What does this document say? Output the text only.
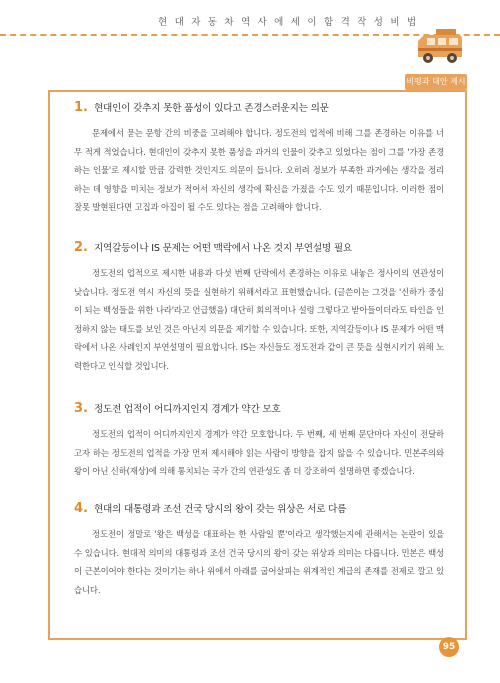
현 대 자 동 차 역 사 에 세 이 함 격 작 성 비 법
비평과 대안 제시
1. 현대인이 갖추지 못한 품성이 있다고 존경스러운지는 의문

문제에서 묻는 문항 간의 비중을 고려해야 합니다. 정도전의 업적에 비해 그를 존경하는 이유를 너무 적게 적었습니다. 현대인이 갖추지 못한 품성을 과거의 인물이 갖추고 있었다는 점이 그를 '가장 존경하는 인물'로 제시할 만큼 강력한 것인지도 의문이 듭니다. 오히려 정보가 부족한 과거에는 생각을 정리하는 데 영향을 미치는 정보가 적어서 자신의 생각에 확신을 가졌을 수도 있기 때문입니다. 이러한 점이 잘못 발현된다면 고집과 아집이 될 수도 있다는 점을 고려해야 합니다.

2. 지역갈등이나 IS 문제는 어떤 맥락에서 나온 것지 부연설명 필요

정도전의 업적으로 제시한 내용과 다섯 번째 단락에서 존경하는 이유로 내놓은 정사이의 연관성이 낮습니다. 정도전 역시 자신의 뜻을 실현하기 위해서라고 표현했습니다. (글쓴이는 그것을 '신하가 중심이 되는 백성들을 위한 나라'라고 언급했음) 대단히 회의적이나 설령 그렇다고 받아들이더라도 타인을 인정하지 않는 태도를 보인 것은 아닌지 의문을 제기할 수 있습니다. 또한, 지역갈등이나 IS 문제가 어떤 맥락에서 나온 사례인지 부연설명이 필요합니다. IS는 자신들도 정도전과 같이 큰 뜻을 실현시키기 위해 노력한다고 인식할 것입니다.

3. 정도전 업적이 어디까지인지 경계가 약간 모호

정도전의 업적이 어디까지인지 경계가 약간 모호합니다. 두 번째, 세 번째 문단마다 자신이 전달하고자 하는 정도전의 업적을 가장 먼저 제시해야 읽는 사람이 방향을 잡지 않을 수 있습니다. 민본주의와 왕이 아닌 신하(재상)에 의해 통치되는 국가 간의 연관성도 좀 더 강조하여 설명하면 좋겠습니다.

4. 현대의 대통령과 조선 건국 당시의 왕이 갖는 위상은 서로 다름

정도전이 정말로 '왕은 백성을 대표하는 한 사람일 뿐'이라고 생각했는지에 관해서는 논란이 있을 수 있습니다. 현대적 의미의 대통령과 조선 건국 당시의 왕이 갖는 위상과 의미는 다릅니다. 민본은 백성이 근본이어야 한다는 것이기는 하나 위에서 아래를 굽어살피는 위계적인 계급의 존재를 전제로 깔고 있습니다.

95
